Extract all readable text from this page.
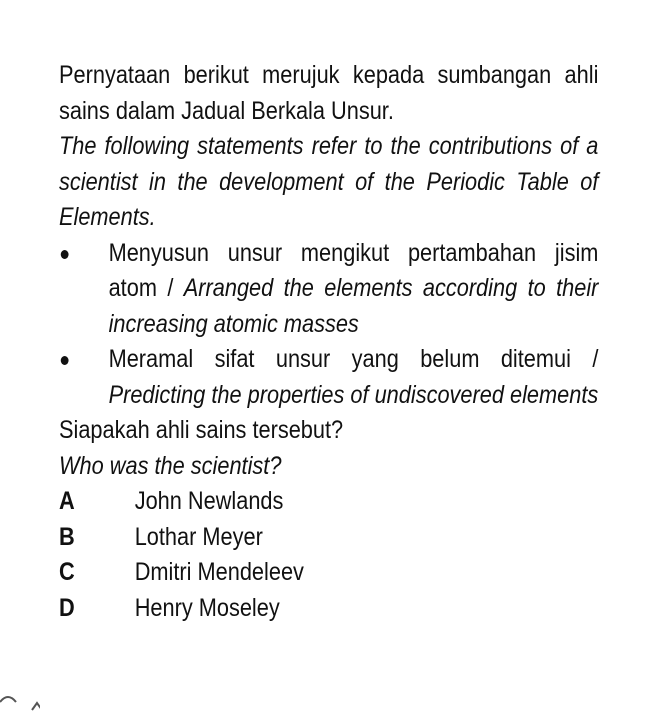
Pernyataan berikut merujuk kepada sumbangan ahli sains dalam Jadual Berkala Unsur.

The following statements refer to the contributions of a scientist in the development of the Periodic Table of Elements.

Menyusun unsur mengikut pertambahan jisim atom / Arranged the elements according to their increasing atomic masses
Meramal sifat unsur yang belum ditemui / Predicting the properties of undiscovered elements

Siapakah ahli sains tersebut?

Who was the scientist?

A	John Newlands
B	Lothar Meyer
C	Dmitri Mendeleev
D	Henry Moseley
